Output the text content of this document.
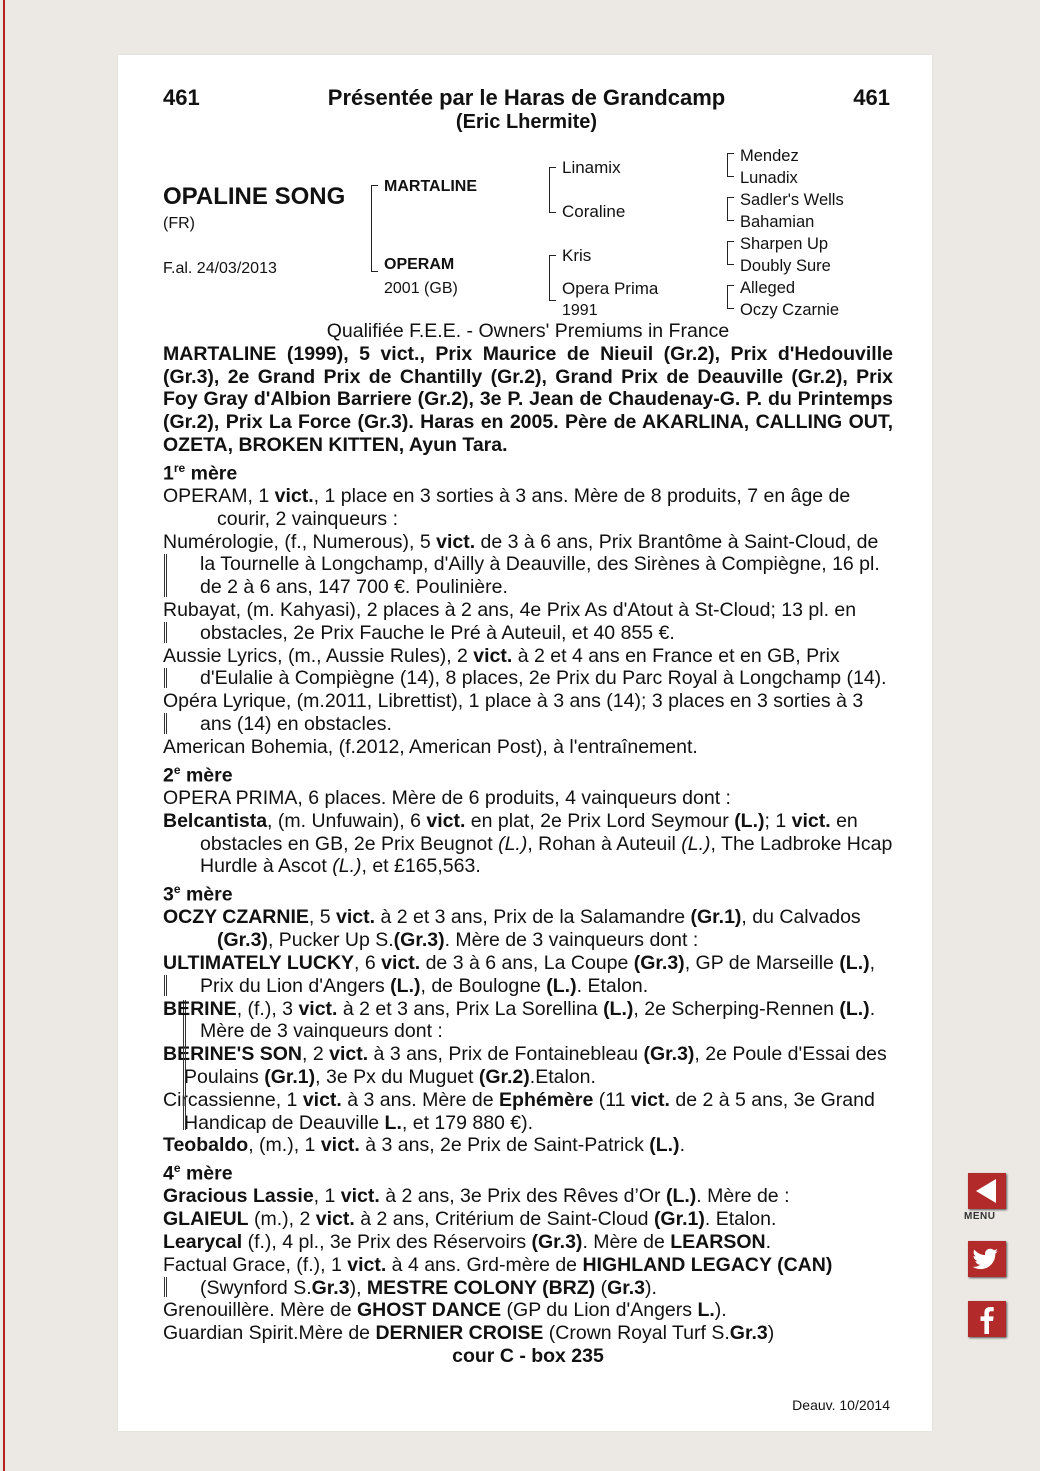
461	Présentée par le Haras de Grandcamp	461
(Eric Lhermite)
OPALINE SONG
(FR)
F.al. 24/03/2013
MARTALINE
OPERAM
2001 (GB)
Linamix
Coraline
Kris
Opera Prima
1991
Mendez
Lunadix
Sadler's Wells
Bahamian
Sharpen Up
Doubly Sure
Alleged
Oczy Czarnie

Qualifiée F.E.E. - Owners' Premiums in France

MARTALINE (1999), 5 vict., Prix Maurice de Nieuil (Gr.2), Prix d'Hedouville (Gr.3), 2e Grand Prix de Chantilly (Gr.2), Grand Prix de Deauville (Gr.2), Prix Foy Gray d'Albion Barriere (Gr.2), 3e P. Jean de Chaudenay-G. P. du Printemps (Gr.2), Prix La Force (Gr.3). Haras en 2005. Père de AKARLINA, CALLING OUT, OZETA, BROKEN KITTEN, Ayun Tara.

1re mère

OPERAM, 1 vict., 1 place en 3 sorties à 3 ans. Mère de 8 produits, 7 en âge de courir, 2 vainqueurs :

Numérologie, (f., Numerous), 5 vict. de 3 à 6 ans, Prix Brantôme à Saint-Cloud, de la Tournelle à Longchamp, d'Ailly à Deauville, des Sirènes à Compiègne, 16 pl. de 2 à 6 ans, 147 700 €. Poulinière.

Rubayat, (m. Kahyasi), 2 places à 2 ans, 4e Prix As d'Atout à St-Cloud; 13 pl. en obstacles, 2e Prix Fauche le Pré à Auteuil, et 40 855 €.

Aussie Lyrics, (m., Aussie Rules), 2 vict. à 2 et 4 ans en France et en GB, Prix d'Eulalie à Compiègne (14), 8 places, 2e Prix du Parc Royal à Longchamp (14).

Opéra Lyrique, (m.2011, Librettist), 1 place à 3 ans (14); 3 places en 3 sorties à 3 ans (14) en obstacles.

American Bohemia, (f.2012, American Post), à l'entraînement.

2e mère

OPERA PRIMA, 6 places. Mère de 6 produits, 4 vainqueurs dont :

Belcantista, (m. Unfuwain), 6 vict. en plat, 2e Prix Lord Seymour (L.); 1 vict. en obstacles en GB, 2e Prix Beugnot (L.), Rohan à Auteuil (L.), The Ladbroke Hcap Hurdle à Ascot (L.), et £165,563.

3e mère

OCZY CZARNIE, 5 vict. à 2 et 3 ans, Prix de la Salamandre (Gr.1), du Calvados (Gr.3), Pucker Up S.(Gr.3). Mère de 3 vainqueurs dont :

ULTIMATELY LUCKY, 6 vict. de 3 à 6 ans, La Coupe (Gr.3), GP de Marseille (L.), Prix du Lion d'Angers (L.), de Boulogne (L.). Etalon.

BERINE, (f.), 3 vict. à 2 et 3 ans, Prix La Sorellina (L.), 2e Scherping-Rennen (L.). Mère de 3 vainqueurs dont :

BERINE'S SON, 2 vict. à 3 ans, Prix de Fontainebleau (Gr.3), 2e Poule d'Essai des Poulains (Gr.1), 3e Px du Muguet (Gr.2).Etalon.

Circassienne, 1 vict. à 3 ans. Mère de Ephémère (11 vict. de 2 à 5 ans, 3e Grand Handicap de Deauville L., et 179 880 €).

Teobaldo, (m.), 1 vict. à 3 ans, 2e Prix de Saint-Patrick (L.).

4e mère

Gracious Lassie, 1 vict. à 2 ans, 3e Prix des Rêves d’Or (L.). Mère de :

GLAIEUL (m.), 2 vict. à 2 ans, Critérium de Saint-Cloud (Gr.1). Etalon.

Learycal (f.), 4 pl., 3e Prix des Réservoirs (Gr.3). Mère de LEARSON.

Factual Grace, (f.), 1 vict. à 4 ans. Grd-mère de HIGHLAND LEGACY (CAN) (Swynford S.Gr.3), MESTRE COLONY (BRZ) (Gr.3).

Grenouillère. Mère de GHOST DANCE (GP du Lion d'Angers L.).

Guardian Spirit.Mère de DERNIER CROISE (Crown Royal Turf S.Gr.3)

cour C - box 235

Deauv. 10/2014
MENU
